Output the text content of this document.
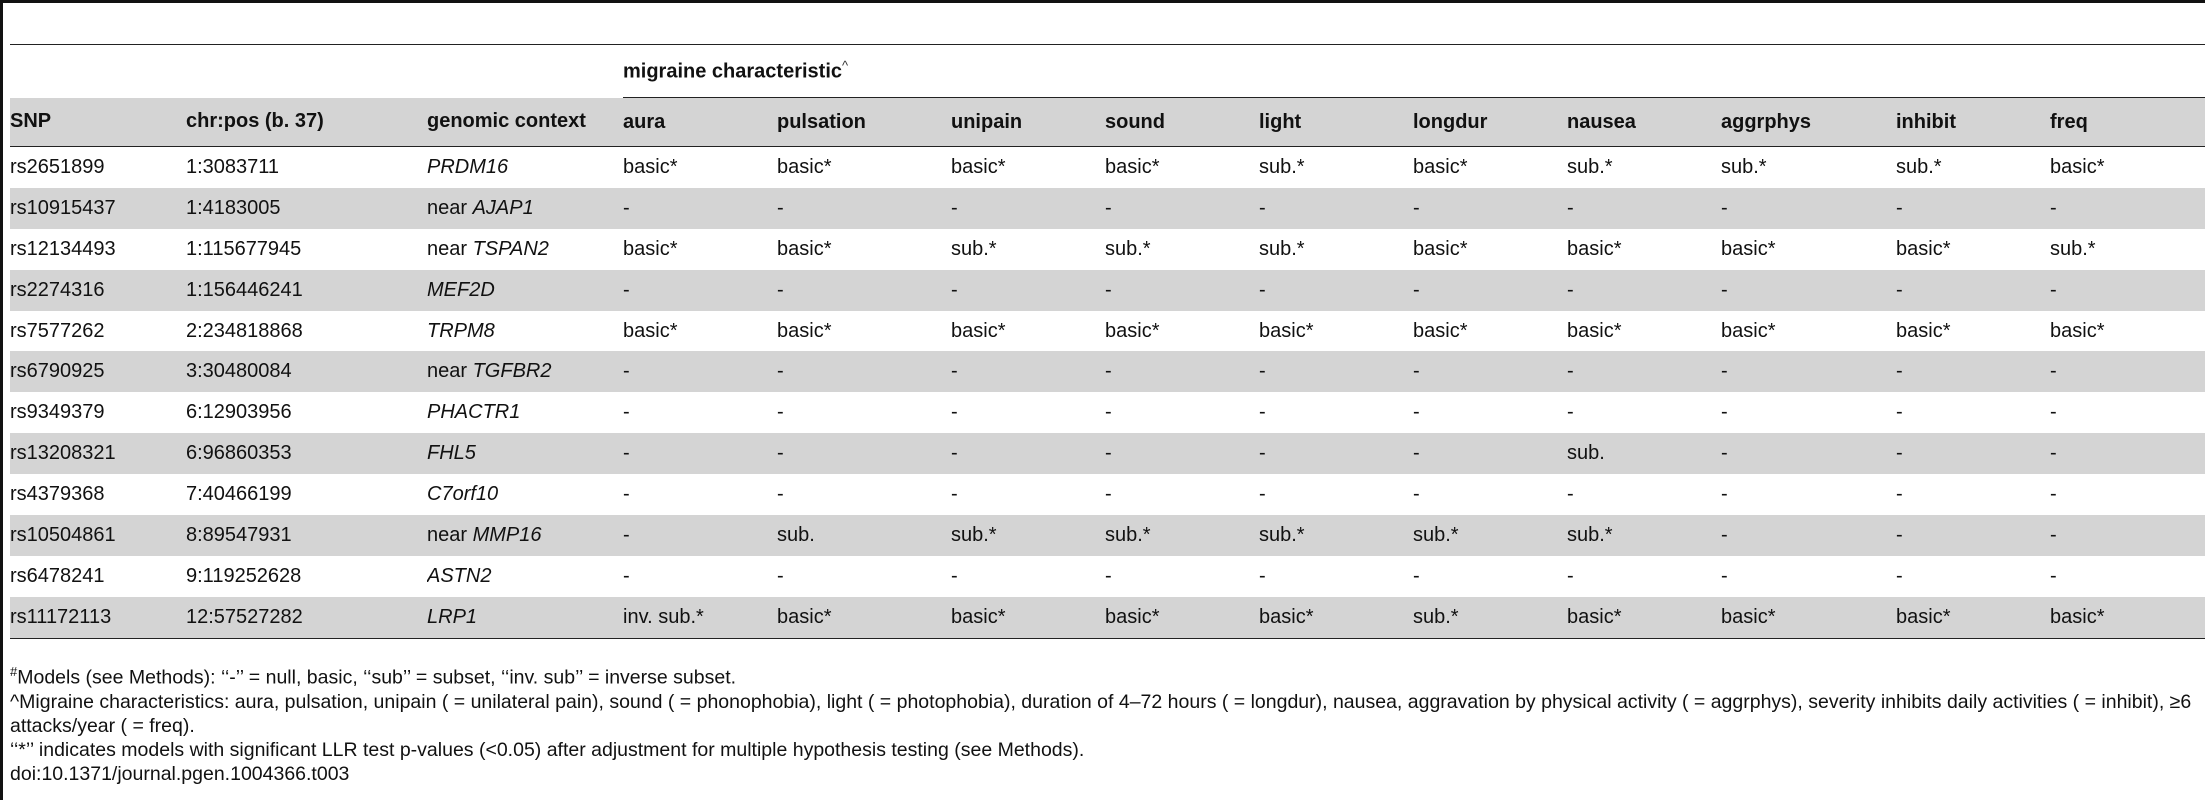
			migraine characteristic^
SNP	chr:pos (b. 37)	genomic context	aura	pulsation	unipain	sound	light	longdur	nausea	aggrphys	inhibit	freq
rs2651899	1:3083711	PRDM16	basic*	basic*	basic*	basic*	sub.*	basic*	sub.*	sub.*	sub.*	basic*
rs10915437	1:4183005	near AJAP1	-	-	-	-	-	-	-	-	-	-
rs12134493	1:115677945	near TSPAN2	basic*	basic*	sub.*	sub.*	sub.*	basic*	basic*	basic*	basic*	sub.*
rs2274316	1:156446241	MEF2D	-	-	-	-	-	-	-	-	-	-
rs7577262	2:234818868	TRPM8	basic*	basic*	basic*	basic*	basic*	basic*	basic*	basic*	basic*	basic*
rs6790925	3:30480084	near TGFBR2	-	-	-	-	-	-	-	-	-	-
rs9349379	6:12903956	PHACTR1	-	-	-	-	-	-	-	-	-	-
rs13208321	6:96860353	FHL5	-	-	-	-	-	-	sub.	-	-	-
rs4379368	7:40466199	C7orf10	-	-	-	-	-	-	-	-	-	-
rs10504861	8:89547931	near MMP16	-	sub.	sub.*	sub.*	sub.*	sub.*	sub.*	-	-	-
rs6478241	9:119252628	ASTN2	-	-	-	-	-	-	-	-	-	-
rs11172113	12:57527282	LRP1	inv. sub.*	basic*	basic*	basic*	basic*	sub.*	basic*	basic*	basic*	basic*
#Models (see Methods): ‘‘-’’ = null, basic, ‘‘sub’’ = subset, ‘‘inv. sub’’ = inverse subset.
^Migraine characteristics: aura, pulsation, unipain ( = unilateral pain), sound ( = phonophobia), light ( = photophobia), duration of 4–72 hours ( = longdur), nausea, aggravation by physical activity ( = aggrphys), severity inhibits daily activities ( = inhibit), ≥6 attacks/year ( = freq).
‘‘*’’ indicates models with significant LLR test p-values (<0.05) after adjustment for multiple hypothesis testing (see Methods).
doi:10.1371/journal.pgen.1004366.t003
